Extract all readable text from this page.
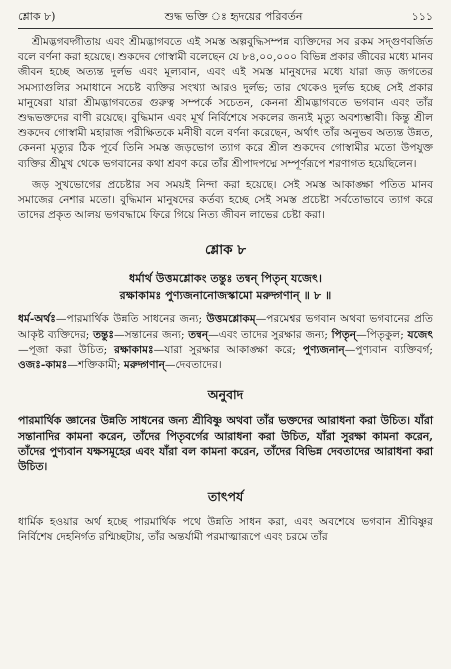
শ্লোক ৮)	শুদ্ধ ভক্তি ঃ হৃদয়ের পরিবর্তন	১১১

শ্রীমদ্ভগবদ্গীতায় এবং শ্রীমদ্ভাগবতে এই সমস্ত অল্পবুদ্ধিসম্পন্ন ব্যক্তিদের সব রকম সদ্গুণবর্জিত বলে বর্ণনা করা হয়েছে। শুকদেব গোস্বামী বলেছেন যে ৮৪,০০,০০০ বিভিন্ন প্রকার জীবের মধ্যে মানব জীবন হচ্ছে অত্যন্ত দুর্লভ এবং মূল্যবান, এবং এই সমস্ত মানুষদের মধ্যে যারা জড় জগতের সমস্যাগুলির সমাধানে সচেষ্ট ব্যক্তির সংখ্যা আরও দুর্লভ; তার থেকেও দুর্লভ হচ্ছে সেই প্রকার মানুষেরা যারা শ্রীমদ্ভাগবতের গুরুত্ব সম্পর্কে সচেতন, কেননা শ্রীমদ্ভাগবতে ভগবান এবং তাঁর শুদ্ধভক্তদের বাণী রয়েছে। বুদ্ধিমান এবং মূর্খ নির্বিশেষে সকলের জন্যই মৃত্যু অবশ্যম্ভাবী। কিন্তু শ্রীল শুকদেব গোস্বামী মহারাজ পরীক্ষিতকে মনীষী বলে বর্ণনা করেছেন, অর্থাৎ তাঁর অনুভব অত্যন্ত উন্নত, কেননা মৃত্যুর ঠিক পূর্বে তিনি সমস্ত জড়ভোগ ত্যাগ করে শ্রীল শুকদেব গোস্বামীর মতো উপযুক্ত ব্যক্তির শ্রীমুখ থেকে ভগবানের কথা শ্রবণ করে তাঁর শ্রীপাদপদ্মে সম্পূর্ণরূপে শরণাগত হয়েছিলেন।

জড় সুখভোগের প্রচেষ্টার সব সময়ই নিন্দা করা হয়েছে। সেই সমস্ত আকাঙ্ক্ষা পতিত মানব সমাজের নেশার মতো। বুদ্ধিমান মানুষদের কর্তব্য হচ্ছে সেই সমস্ত প্রচেষ্টা সর্বতোভাবে ত্যাগ করে তাদের প্রকৃত আলয় ভগবদ্ধামে ফিরে গিয়ে নিত্য জীবন লাভের চেষ্টা করা।

শ্লোক ৮

ধর্মার্থ উত্তমশ্লোকং তন্তুঃ তন্বন্ পিতৃন্ যজেৎ।

রক্ষাকামঃ পুণ্যজনানোজস্কামো মরুদ্গণান্ ॥ ৮ ॥

ধর্ম-অর্থঃ—পারমার্থিক উন্নতি সাধনের জন্য; উত্তমশ্লোকম্—পরমেশ্বর ভগবান অথবা ভগবানের প্রতি আকৃষ্ট ব্যক্তিদের; তন্তুঃ—সন্তানের জন্য; তন্বন্—এবং তাদের সুরক্ষার জন্য; পিতৃন্—পিতৃকুল; যজেৎ—পূজা করা উচিত; রক্ষাকামঃ—যারা সুরক্ষার আকাঙ্ক্ষা করে; পুণ্যজনান্—পুণ্যবান ব্যক্তিবর্গ; ওজঃ-কামঃ—শক্তিকামী; মরুদ্গণান্—দেবতাদের।

অনুবাদ

পারমার্থিক জ্ঞানের উন্নতি সাধনের জন্য শ্রীবিষ্ণু অথবা তাঁর ভক্তদের আরাধনা করা উচিত। যাঁরা সন্তানাদির কামনা করেন, তাঁদের পিতৃবর্গের আরাধনা করা উচিত, যাঁরা সুরক্ষা কামনা করেন, তাঁদের পুণ্যবান যক্ষসমূহের এবং যাঁরা বল কামনা করেন, তাঁদের বিভিন্ন দেবতাদের আরাধনা করা উচিত।

তাৎপর্য

ধার্মিক হওয়ার অর্থ হচ্ছে পারমার্থিক পথে উন্নতি সাধন করা, এবং অবশেষে ভগবান শ্রীবিষ্ণুর নির্বিশেষ দেহনির্গত রশ্মিচ্ছটায়, তাঁর অন্তর্যামী পরমাত্মারূপে এবং চরমে তাঁর
